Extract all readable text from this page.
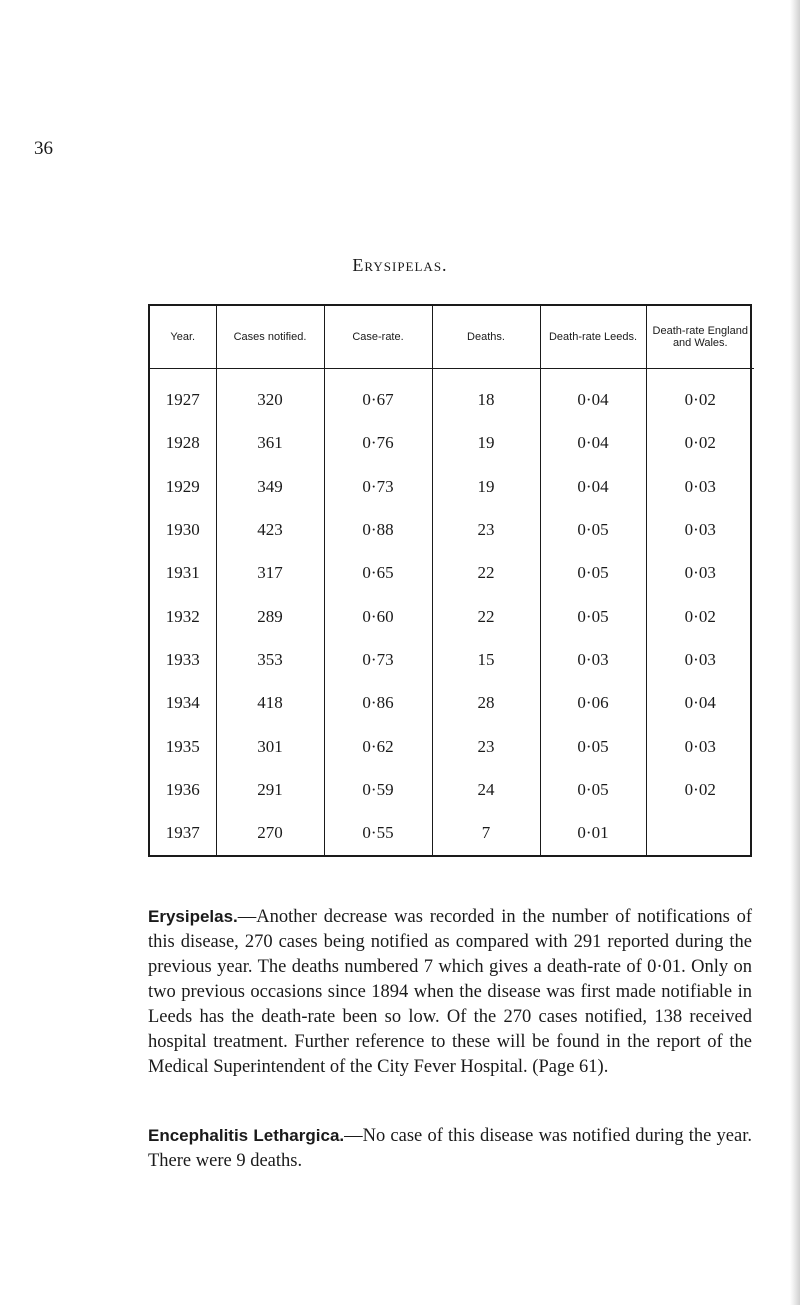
36
Erysipelas.
Year.	Cases notified.	Case-rate.	Deaths.	Death-rate Leeds.	Death-rate England and Wales.
1927	320	0·67	18	0·04	0·02
1928	361	0·76	19	0·04	0·02
1929	349	0·73	19	0·04	0·03
1930	423	0·88	23	0·05	0·03
1931	317	0·65	22	0·05	0·03
1932	289	0·60	22	0·05	0·02
1933	353	0·73	15	0·03	0·03
1934	418	0·86	28	0·06	0·04
1935	301	0·62	23	0·05	0·03
1936	291	0·59	24	0·05	0·02
1937	270	0·55	7	0·01	

Erysipelas.—Another decrease was recorded in the number of notifications of this disease, 270 cases being notified as compared with 291 reported during the previous year. The deaths numbered 7 which gives a death-rate of 0·01. Only on two previous occasions since 1894 when the disease was first made notifiable in Leeds has the death-rate been so low. Of the 270 cases notified, 138 received hospital treatment. Further reference to these will be found in the report of the Medical Superintendent of the City Fever Hospital. (Page 61).

Encephalitis Lethargica.—No case of this disease was notified during the year. There were 9 deaths.
